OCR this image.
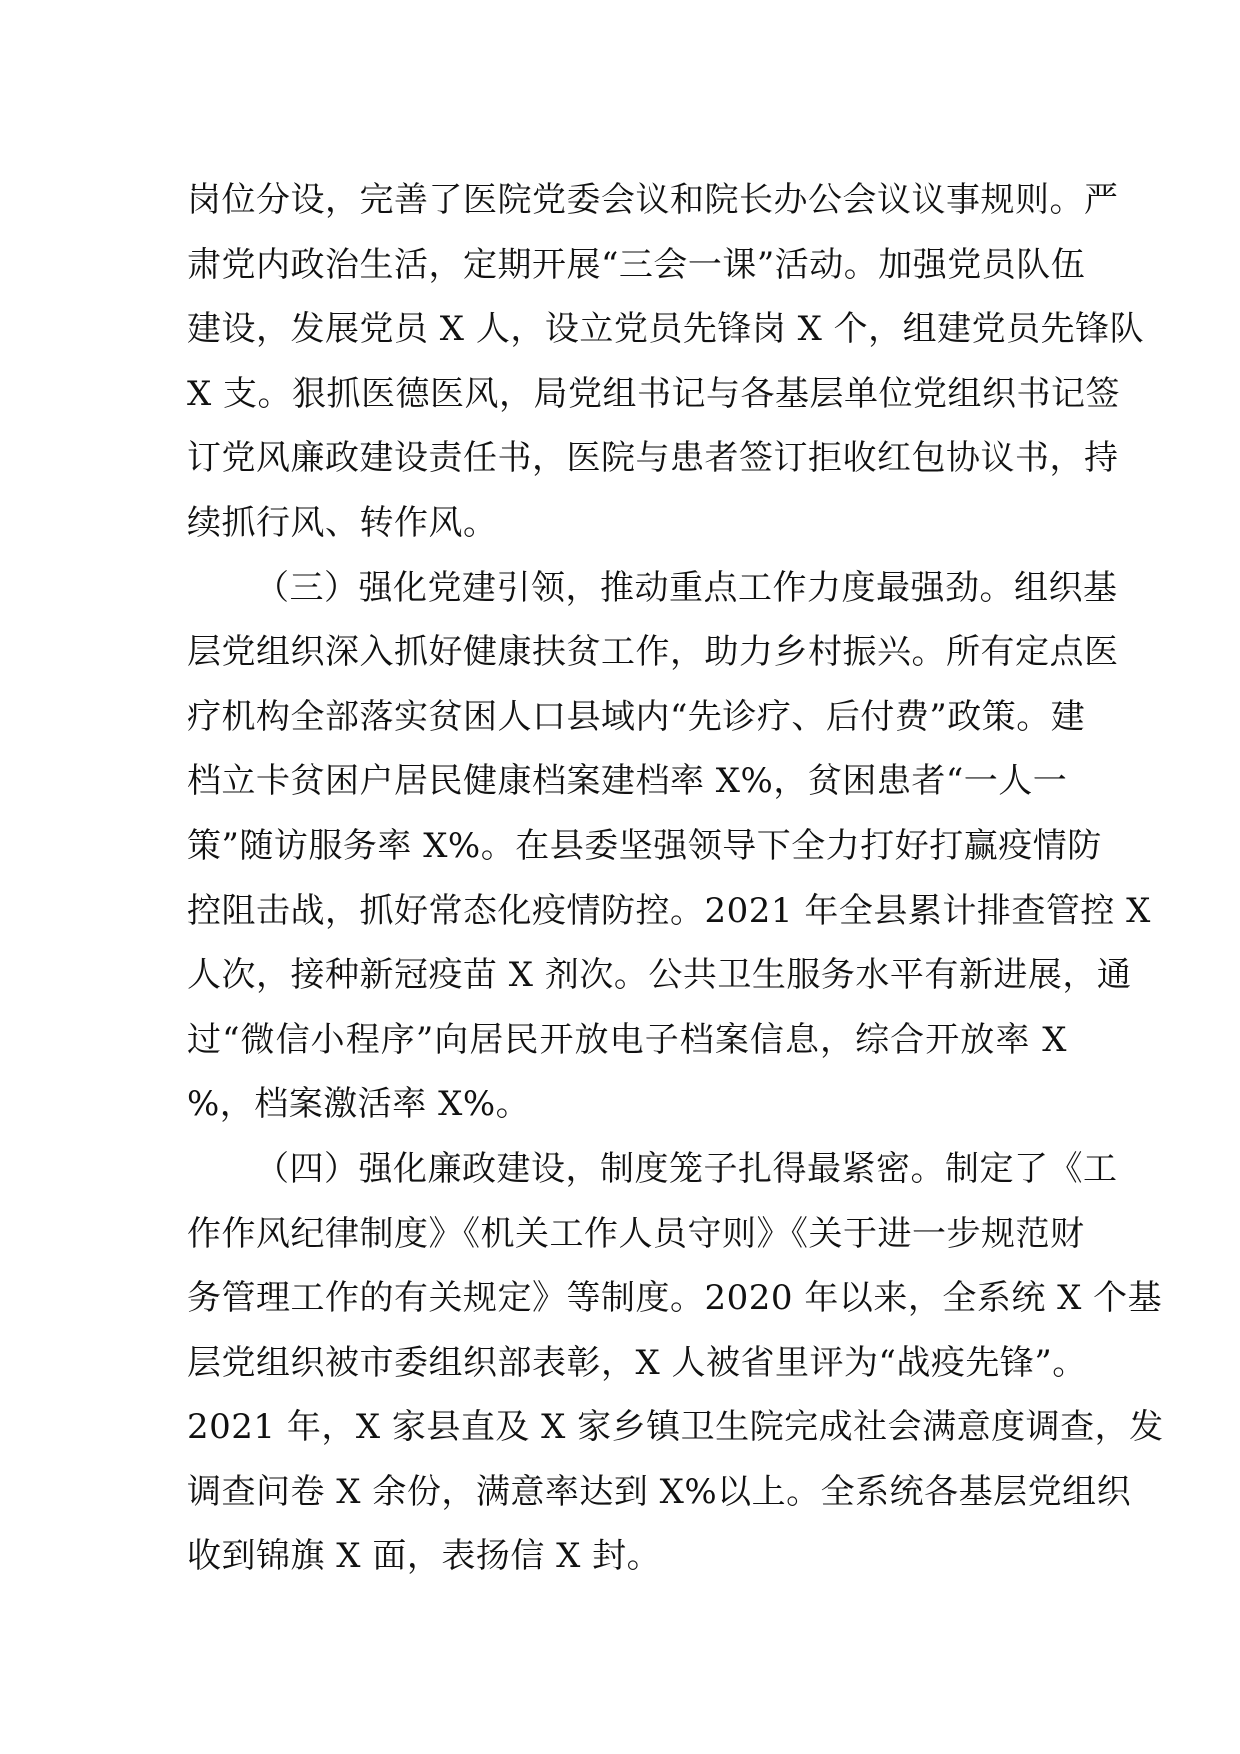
岗位分设，完善了医院党委会议和院长办公会议议事规则。严
肃党内政治生活，定期开展“三会一课”活动。加强党员队伍
建设，发展党员 X 人，设立党员先锋岗 X 个，组建党员先锋队
X 支。狠抓医德医风，局党组书记与各基层单位党组织书记签
订党风廉政建设责任书，医院与患者签订拒收红包协议书，持
续抓行风、转作风。

（三）强化党建引领，推动重点工作力度最强劲。组织基
层党组织深入抓好健康扶贫工作，助力乡村振兴。所有定点医
疗机构全部落实贫困人口县域内“先诊疗、后付费”政策。建
档立卡贫困户居民健康档案建档率 X%，贫困患者“一人一
策”随访服务率 X%。在县委坚强领导下全力打好打赢疫情防
控阻击战，抓好常态化疫情防控。2021 年全县累计排查管控 X
人次，接种新冠疫苗 X 剂次。公共卫生服务水平有新进展，通
过“微信小程序”向居民开放电子档案信息，综合开放率 X
%，档案激活率 X%。

（四）强化廉政建设，制度笼子扎得最紧密。制定了《工
作作风纪律制度》《机关工作人员守则》《关于进一步规范财
务管理工作的有关规定》等制度。2020 年以来，全系统 X 个基
层党组织被市委组织部表彰，X 人被省里评为“战疫先锋”。
2021 年，X 家县直及 X 家乡镇卫生院完成社会满意度调查，发
调查问卷 X 余份，满意率达到 X%以上。全系统各基层党组织
收到锦旗 X 面，表扬信 X 封。
